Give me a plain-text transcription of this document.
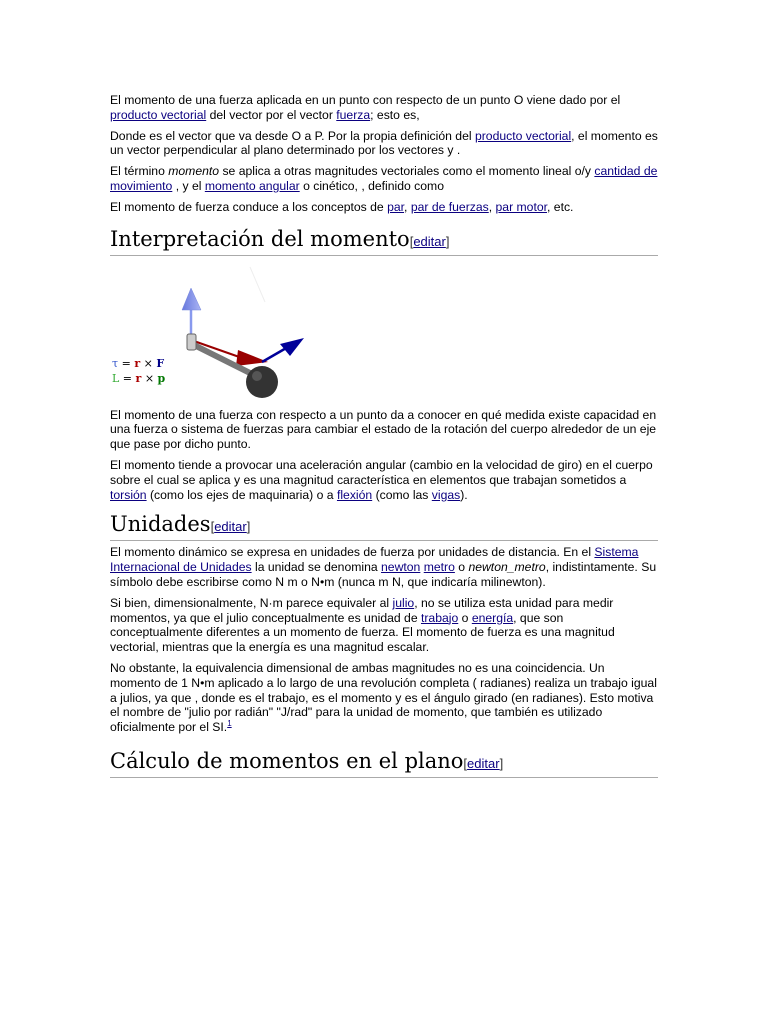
El momento de una fuerza aplicada en un punto con respecto de un punto O viene dado por el producto vectorial del vector por el vector fuerza; esto es,

Donde es el vector que va desde O a P. Por la propia definición del producto vectorial, el momento es un vector perpendicular al plano determinado por los vectores y .

El término momento se aplica a otras magnitudes vectoriales como el momento lineal o/y cantidad de movimiento , y el momento angular o cinético, , definido como

El momento de fuerza conduce a los conceptos de par, par de fuerzas, par motor, etc.

Interpretación del momento[editar]
τ = r × F
L = r × p

El momento de una fuerza con respecto a un punto da a conocer en qué medida existe capacidad en una fuerza o sistema de fuerzas para cambiar el estado de la rotación del cuerpo alrededor de un eje que pase por dicho punto.

El momento tiende a provocar una aceleración angular (cambio en la velocidad de giro) en el cuerpo sobre el cual se aplica y es una magnitud característica en elementos que trabajan sometidos a torsión (como los ejes de maquinaria) o a flexión (como las vigas).

Unidades[editar]

El momento dinámico se expresa en unidades de fuerza por unidades de distancia. En el Sistema Internacional de Unidades la unidad se denomina newton metro o newton_metro, indistintamente. Su símbolo debe escribirse como N m o N•m (nunca m N, que indicaría milinewton).

Si bien, dimensionalmente, N·m parece equivaler al julio, no se utiliza esta unidad para medir momentos, ya que el julio conceptualmente es unidad de trabajo o energía, que son conceptualmente diferentes a un momento de fuerza. El momento de fuerza es una magnitud vectorial, mientras que la energía es una magnitud escalar.

No obstante, la equivalencia dimensional de ambas magnitudes no es una coincidencia. Un momento de 1 N•m aplicado a lo largo de una revolución completa ( radianes) realiza un trabajo igual a julios, ya que , donde es el trabajo, es el momento y es el ángulo girado (en radianes). Esto motiva el nombre de "julio por radián" "J/rad" para la unidad de momento, que también es utilizado oficialmente por el SI.$^1$

Cálculo de momentos en el plano[editar]
